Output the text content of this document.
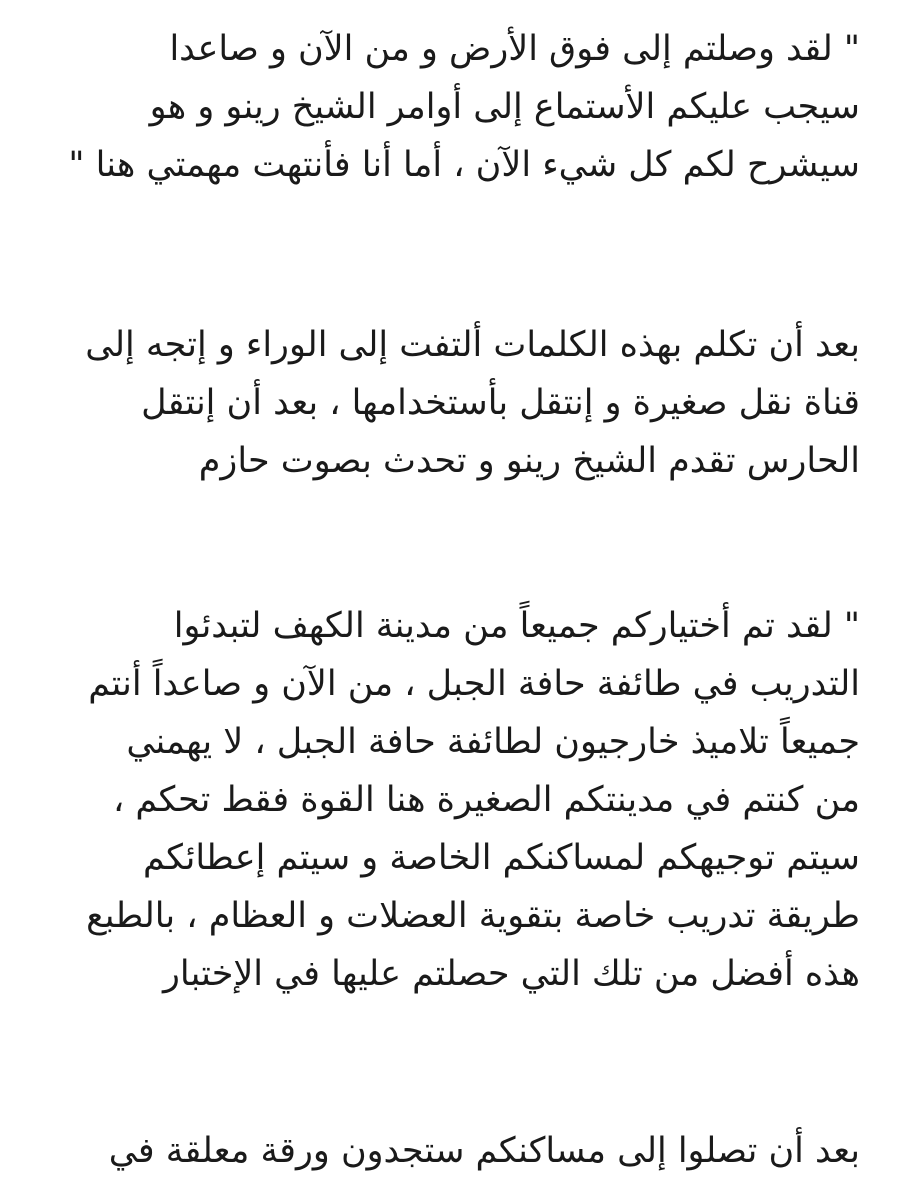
" لقد وصلتم إلى فوق الأرض و من الآن و صاعدا
سيجب عليكم الأستماع إلى أوامر الشيخ رينو و هو
سيشرح لكم كل شيء الآن ، أما أنا فأنتهت مهمتي هنا "
بعد أن تكلم بهذه الكلمات ألتفت إلى الوراء و إتجه إلى
قناة نقل صغيرة و إنتقل بأستخدامها ، بعد أن إنتقل
الحارس تقدم الشيخ رينو و تحدث بصوت حازم
" لقد تم أختياركم جميعاً من مدينة الكهف لتبدئوا
التدريب في طائفة حافة الجبل ، من الآن و صاعداً أنتم
جميعاً تلاميذ خارجيون لطائفة حافة الجبل ، لا يهمني
من كنتم في مدينتكم الصغيرة هنا القوة فقط تحكم ،
سيتم توجيهكم لمساكنكم الخاصة و سيتم إعطائكم
طريقة تدريب خاصة بتقوية العضلات و العظام ، بالطبع
هذه أفضل من تلك التي حصلتم عليها في الإختبار
بعد أن تصلوا إلى مساكنكم ستجدون ورقة معلقة في
